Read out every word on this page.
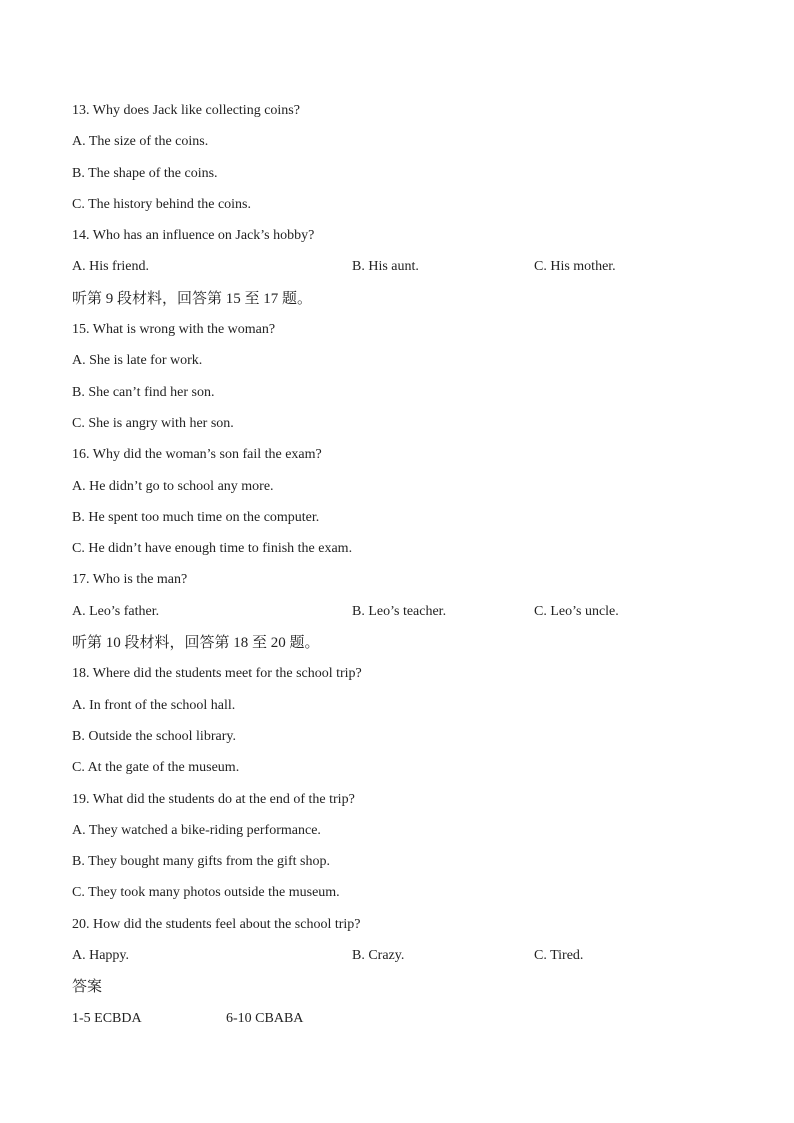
13. Why does Jack like collecting coins?
A. The size of the coins.
B. The shape of the coins.
C. The history behind the coins.
14. Who has an influence on Jack’s hobby?
A. His friend.	B. His aunt.	C. His mother.
听第 9 段材料，回答第 15 至 17 题。
15. What is wrong with the woman?
A. She is late for work.
B. She can’t find her son.
C. She is angry with her son.
16. Why did the woman’s son fail the exam?
A. He didn’t go to school any more.
B. He spent too much time on the computer.
C. He didn’t have enough time to finish the exam.
17. Who is the man?
A. Leo’s father.	B. Leo’s teacher.	C. Leo’s uncle.
听第 10 段材料，回答第 18 至 20 题。
18. Where did the students meet for the school trip?
A. In front of the school hall.
B. Outside the school library.
C. At the gate of the museum.
19. What did the students do at the end of the trip?
A. They watched a bike-riding performance.
B. They bought many gifts from the gift shop.
C. They took many photos outside the museum.
20. How did the students feel about the school trip?
A. Happy.	B. Crazy.	C. Tired.
答案
1-5 ECBDA	6-10 CBABA
